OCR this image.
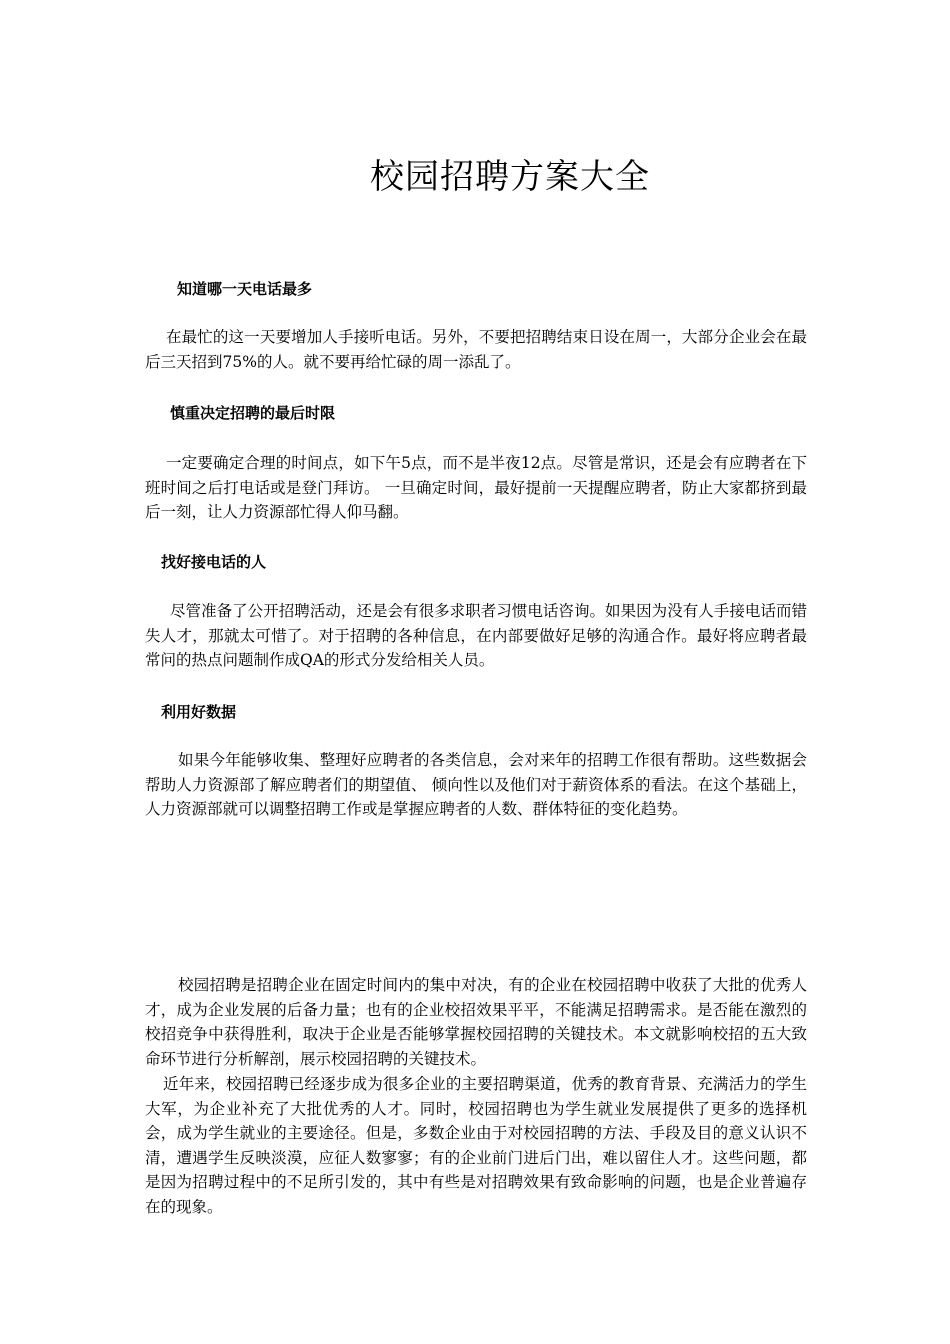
校园招聘方案大全
知道哪一天电话最多

在最忙的这一天要增加人手接听电话。另外，不要把招聘结束日设在周一，大部分企业会在最后三天招到75%的人。就不要再给忙碌的周一添乱了。

慎重决定招聘的最后时限

一定要确定合理的时间点，如下午5点，而不是半夜12点。尽管是常识，还是会有应聘者在下班时间之后打电话或是登门拜访。 一旦确定时间，最好提前一天提醒应聘者，防止大家都挤到最后一刻，让人力资源部忙得人仰马翻。

找好接电话的人

尽管准备了公开招聘活动，还是会有很多求职者习惯电话咨询。如果因为没有人手接电话而错失人才，那就太可惜了。对于招聘的各种信息，在内部要做好足够的沟通合作。最好将应聘者最常问的热点问题制作成QA的形式分发给相关人员。

利用好数据

如果今年能够收集、整理好应聘者的各类信息，会对来年的招聘工作很有帮助。这些数据会帮助人力资源部了解应聘者们的期望值、 倾向性以及他们对于薪资体系的看法。在这个基础上，人力资源部就可以调整招聘工作或是掌握应聘者的人数、群体特征的变化趋势。

校园招聘是招聘企业在固定时间内的集中对决，有的企业在校园招聘中收获了大批的优秀人才，成为企业发展的后备力量；也有的企业校招效果平平，不能满足招聘需求。是否能在激烈的校招竞争中获得胜利，取决于企业是否能够掌握校园招聘的关键技术。本文就影响校招的五大致命环节进行分析解剖，展示校园招聘的关键技术。

近年来，校园招聘已经逐步成为很多企业的主要招聘渠道，优秀的教育背景、充满活力的学生大军，为企业补充了大批优秀的人才。同时，校园招聘也为学生就业发展提供了更多的选择机会，成为学生就业的主要途径。但是，多数企业由于对校园招聘的方法、手段及目的意义认识不清，遭遇学生反映淡漠，应征人数寥寥；有的企业前门进后门出，难以留住人才。这些问题，都是因为招聘过程中的不足所引发的，其中有些是对招聘效果有致命影响的问题，也是企业普遍存在的现象。
